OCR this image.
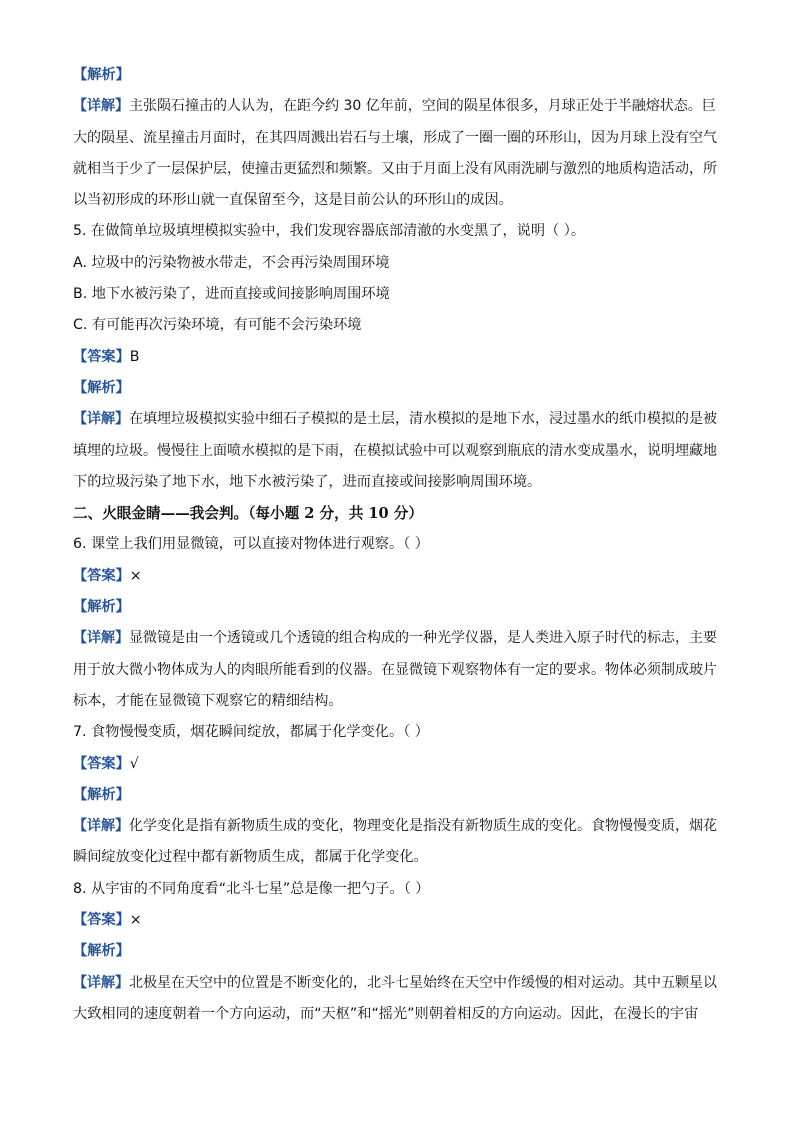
【解析】
【详解】主张陨石撞击的人认为，在距今约 30 亿年前，空间的陨星体很多，月球正处于半融熔状态。巨
大的陨星、流星撞击月面时，在其四周溅出岩石与土壤，形成了一圈一圈的环形山，因为月球上没有空气
就相当于少了一层保护层，使撞击更猛烈和频繁。又由于月面上没有风雨洗刷与激烈的地质构造活动，所
以当初形成的环形山就一直保留至今，这是目前公认的环形山的成因。
5. 在做简单垃圾填埋模拟实验中，我们发现容器底部清澈的水变黑了，说明（ ）。
A. 垃圾中的污染物被水带走，不会再污染周围环境
B. 地下水被污染了，进而直接或间接影响周围环境
C. 有可能再次污染环境，有可能不会污染环境
【答案】B
【解析】
【详解】在填埋垃圾模拟实验中细石子模拟的是土层，清水模拟的是地下水，浸过墨水的纸巾模拟的是被
填埋的垃圾。慢慢往上面喷水模拟的是下雨，在模拟试验中可以观察到瓶底的清水变成墨水，说明埋藏地
下的垃圾污染了地下水，地下水被污染了，进而直接或间接影响周围环境。
二、火眼金睛——我会判。（每小题 2 分，共 10 分）
6. 课堂上我们用显微镜，可以直接对物体进行观察。（ ）
【答案】×
【解析】
【详解】显微镜是由一个透镜或几个透镜的组合构成的一种光学仪器，是人类进入原子时代的标志，主要
用于放大微小物体成为人的肉眼所能看到的仪器。在显微镜下观察物体有一定的要求。物体必须制成玻片
标本，才能在显微镜下观察它的精细结构。
7. 食物慢慢变质，烟花瞬间绽放，都属于化学变化。（ ）
【答案】√
【解析】
【详解】化学变化是指有新物质生成的变化，物理变化是指没有新物质生成的变化。食物慢慢变质，烟花
瞬间绽放变化过程中都有新物质生成，都属于化学变化。
8. 从宇宙的不同角度看“北斗七星”总是像一把勺子。（ ）
【答案】×
【解析】
【详解】北极星在天空中的位置是不断变化的，北斗七星始终在天空中作缓慢的相对运动。其中五颗星以
大致相同的速度朝着一个方向运动，而“天枢”和“摇光”则朝着相反的方向运动。因此，在漫长的宇宙
